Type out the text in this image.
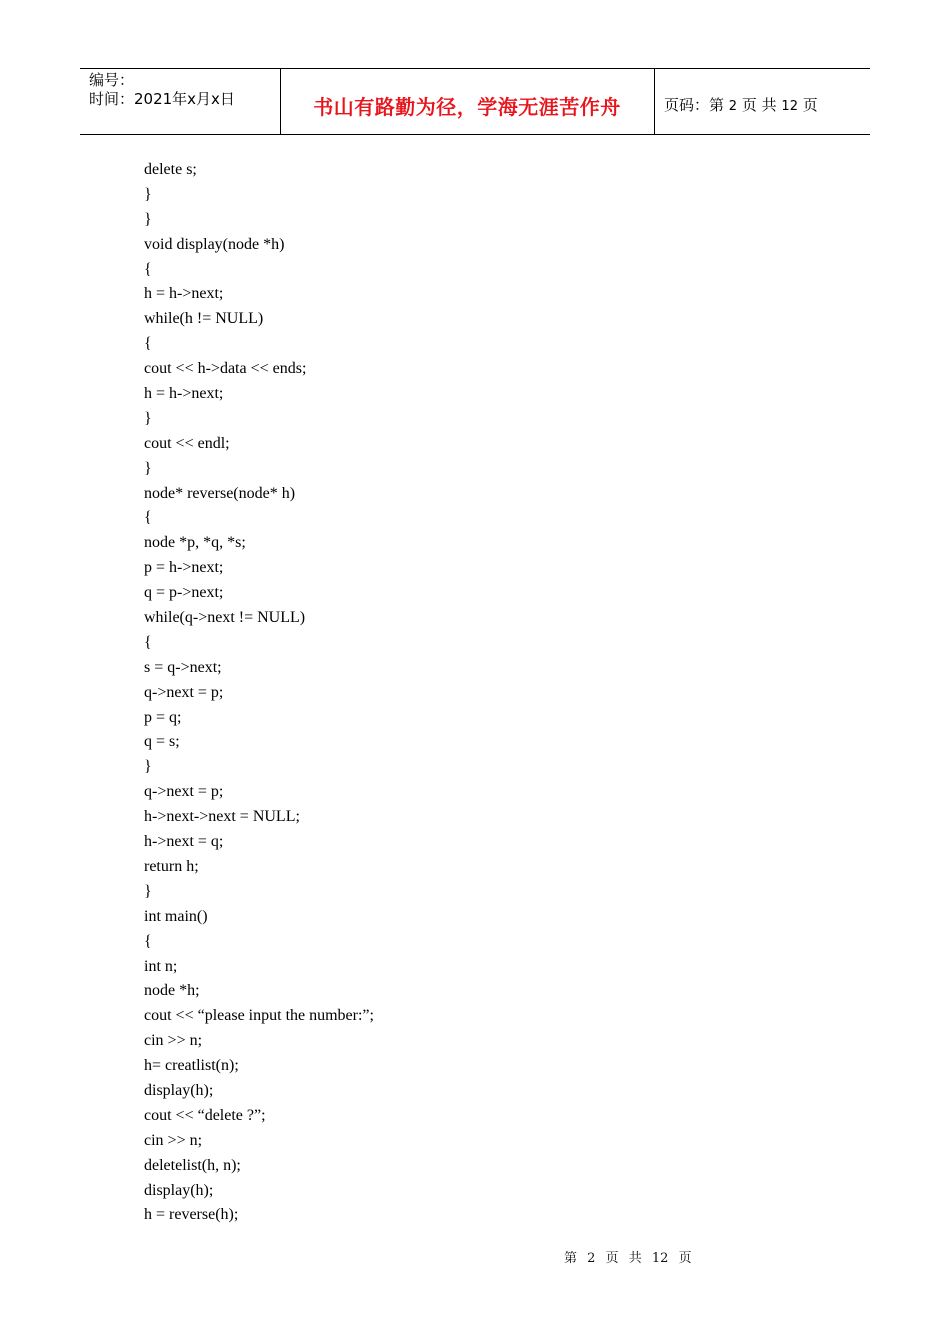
编号：
时间：2021年x月x日	书山有路勤为径，学海无涯苦作舟	页码：第 2 页 共 12 页
delete s;
}
}
void display(node *h)
{
h = h->next;
while(h != NULL)
{
cout << h->data << ends;
h = h->next;
}
cout << endl;
}
node* reverse(node* h)
{
node *p, *q, *s;
p = h->next;
q = p->next;
while(q->next != NULL)
{
s = q->next;
q->next = p;
p = q;
q = s;
}
q->next = p;
h->next->next = NULL;
h->next = q;
return h;
}
int main()
{
int n;
node *h;
cout << “please input the number:”;
cin >> n;
h= creatlist(n);
display(h);
cout << “delete ?”;
cin >> n;
deletelist(h, n);
display(h);
h = reverse(h);
第 2 页 共 12 页
